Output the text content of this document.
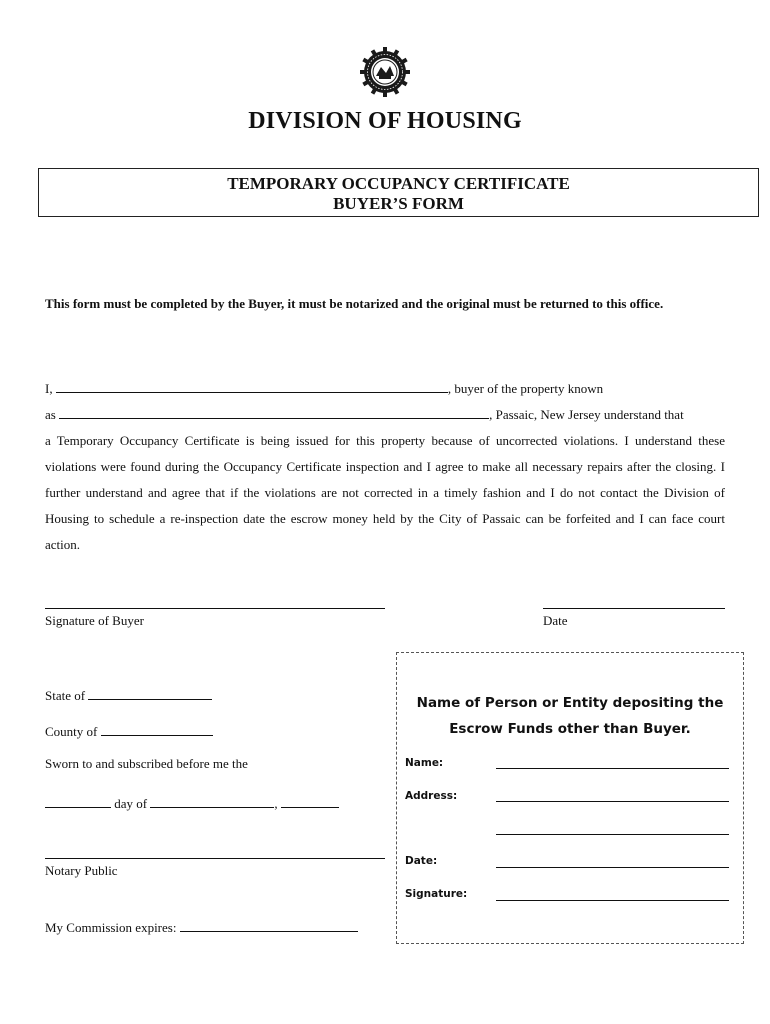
DIVISION OF HOUSING
TEMPORARY OCCUPANCY CERTIFICATE
BUYER’S FORM
This form must be completed by the Buyer, it must be notarized and the original must be returned to this office.
I,	, buyer of the property known
as	, Passaic, New Jersey understand that
a Temporary Occupancy Certificate is being issued for this property because of uncorrected violations. I understand these violations were found during the Occupancy Certificate inspection and I agree to make all necessary repairs after the closing. I further understand and agree that if the violations are not corrected in a timely fashion and I do not contact the Division of Housing to schedule a re-inspection date the escrow money held by the City of Passaic can be forfeited and I can face court action.
Signature of Buyer	Date
State of
County of
Sworn to and subscribed before me the
day of	,
Notary Public
My Commission expires:
Name of Person or Entity depositing the
Escrow Funds other than Buyer.
Name:
Address:
Date:
Signature:
